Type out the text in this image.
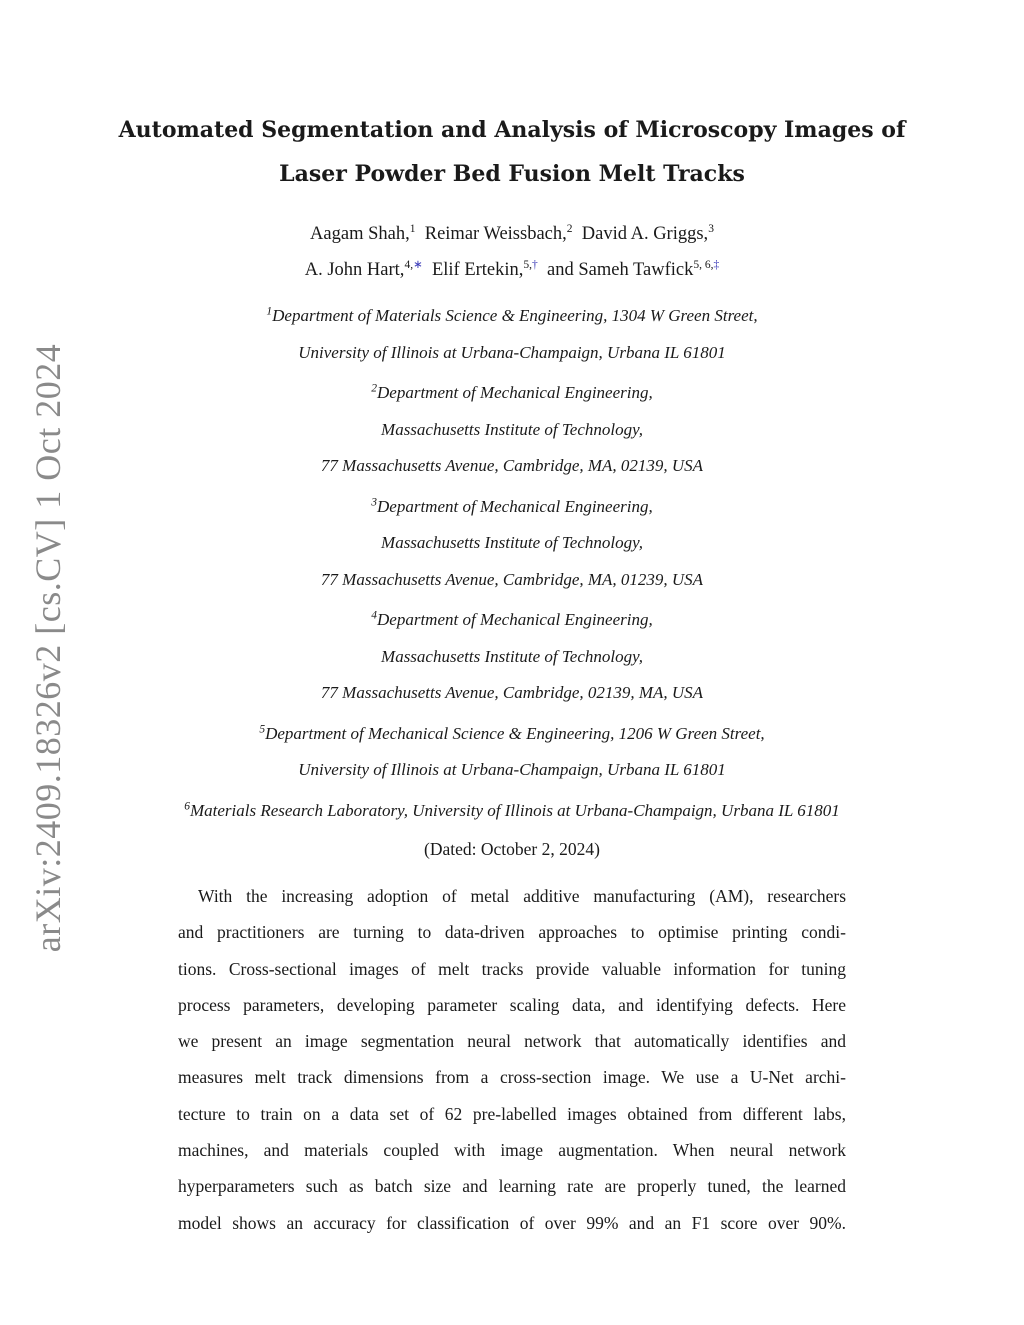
arXiv:2409.18326v2 [cs.CV] 1 Oct 2024
Automated Segmentation and Analysis of Microscopy Images of
Laser Powder Bed Fusion Melt Tracks
Aagam Shah,$^1$ Reimar Weissbach,$^2$ David A. Griggs,$^3$
A. John Hart,$^{4,∗}$ Elif Ertekin,$^{5,\dagger}$ and Sameh Tawfick$^{5, 6,\ddagger}$
$^1$Department of Materials Science & Engineering, 1304 W Green Street,
University of Illinois at Urbana-Champaign, Urbana IL 61801
$^2$Department of Mechanical Engineering,
Massachusetts Institute of Technology,
77 Massachusetts Avenue, Cambridge, MA, 02139, USA
$^3$Department of Mechanical Engineering,
Massachusetts Institute of Technology,
77 Massachusetts Avenue, Cambridge, MA, 01239, USA
$^4$Department of Mechanical Engineering,
Massachusetts Institute of Technology,
77 Massachusetts Avenue, Cambridge, 02139, MA, USA
$^5$Department of Mechanical Science & Engineering, 1206 W Green Street,
University of Illinois at Urbana-Champaign, Urbana IL 61801
$^6$Materials Research Laboratory, University of Illinois at Urbana-Champaign, Urbana IL 61801
(Dated: October 2, 2024)
With the increasing adoption of metal additive manufacturing (AM), researchers
and practitioners are turning to data-driven approaches to optimise printing condi-
tions. Cross-sectional images of melt tracks provide valuable information for tuning
process parameters, developing parameter scaling data, and identifying defects. Here
we present an image segmentation neural network that automatically identifies and
measures melt track dimensions from a cross-section image. We use a U-Net archi-
tecture to train on a data set of 62 pre-labelled images obtained from different labs,
machines, and materials coupled with image augmentation. When neural network
hyperparameters such as batch size and learning rate are properly tuned, the learned
model shows an accuracy for classification of over 99% and an F1 score over 90%.
